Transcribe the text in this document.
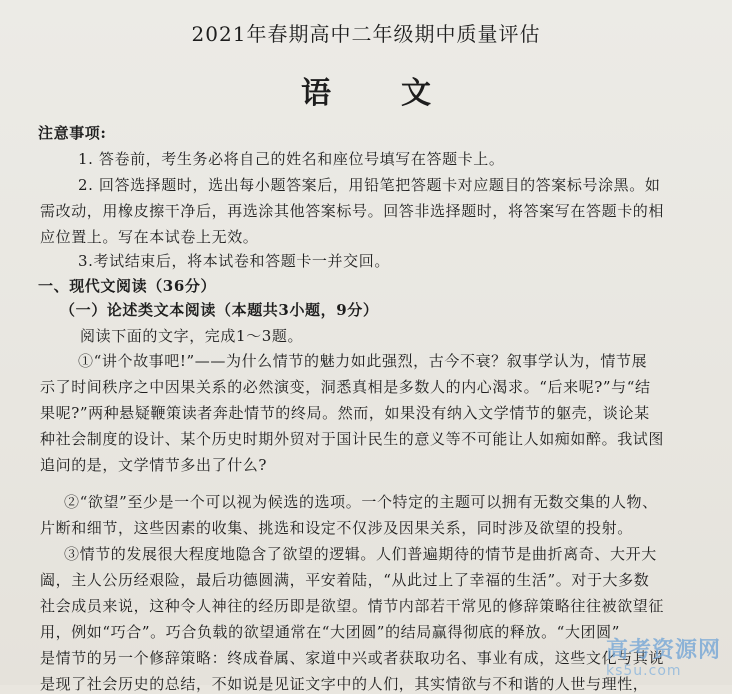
2021年春期高中二年级期中质量评估
语文
注意事项:
1. 答卷前，考生务必将自己的姓名和座位号填写在答题卡上。
2. 回答选择题时，选出每小题答案后，用铅笔把答题卡对应题目的答案标号涂黑。如
需改动，用橡皮擦干净后，再选涂其他答案标号。回答非选择题时，将答案写在答题卡的相
应位置上。写在本试卷上无效。
3.考试结束后，将本试卷和答题卡一并交回。
一、现代文阅读（36分）
（一）论述类文本阅读（本题共3小题，9分）
阅读下面的文字，完成1～3题。
①“讲个故事吧!”——为什么情节的魅力如此强烈，古今不衰？叙事学认为，情节展
示了时间秩序之中因果关系的必然演变，洞悉真相是多数人的内心渴求。“后来呢?”与“结
果呢?”两种悬疑鞭策读者奔赴情节的终局。然而，如果没有纳入文学情节的躯壳，谈论某
种社会制度的设计、某个历史时期外贸对于国计民生的意义等不可能让人如痴如醉。我试图
追问的是，文学情节多出了什么?
②“欲望”至少是一个可以视为候选的选项。一个特定的主题可以拥有无数交集的人物、
片断和细节，这些因素的收集、挑选和设定不仅涉及因果关系，同时涉及欲望的投射。
③情节的发展很大程度地隐含了欲望的逻辑。人们普遍期待的情节是曲折离奇、大开大
阖，主人公历经艰险，最后功德圆满，平安着陆，“从此过上了幸福的生活”。对于大多数
社会成员来说，这种令人神往的经历即是欲望。情节内部若干常见的修辞策略往往被欲望征
用，例如“巧合”。巧合负载的欲望通常在“大团圆”的结局赢得彻底的释放。“大团圆”
是情节的另一个修辞策略：终成眷属、家道中兴或者获取功名、事业有成，这些文化与其说
是现了社会历史的总结，不如说是见证文字中的人们，其实情欲与不和谐的人世与理性，
高考资源网
ks5u.com
